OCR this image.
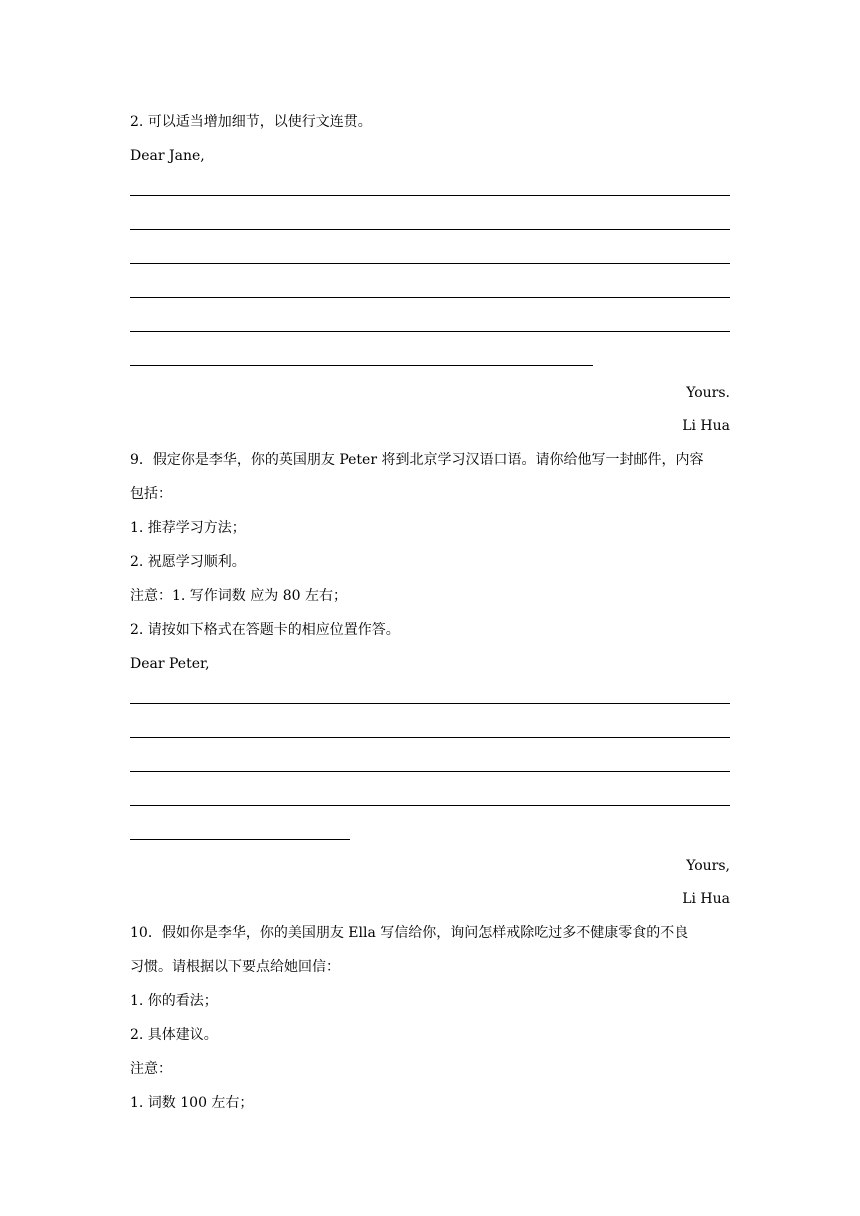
2. 可以适当增加细节，以使行文连贯。
Dear Jane,
Yours.
Li Hua
9．假定你是李华，你的英国朋友 Peter 将到北京学习汉语口语。请你给他写一封邮件，内容
包括：
1. 推荐学习方法；
2. 祝愿学习顺利。
注意：1. 写作词数 应为 80 左右；
2. 请按如下格式在答题卡的相应位置作答。
Dear Peter,
Yours,
Li Hua
10．假如你是李华，你的美国朋友 Ella 写信给你，询问怎样戒除吃过多不健康零食的不良
习惯。请根据以下要点给她回信：
1. 你的看法；
2. 具体建议。
注意：
1. 词数 100 左右；
